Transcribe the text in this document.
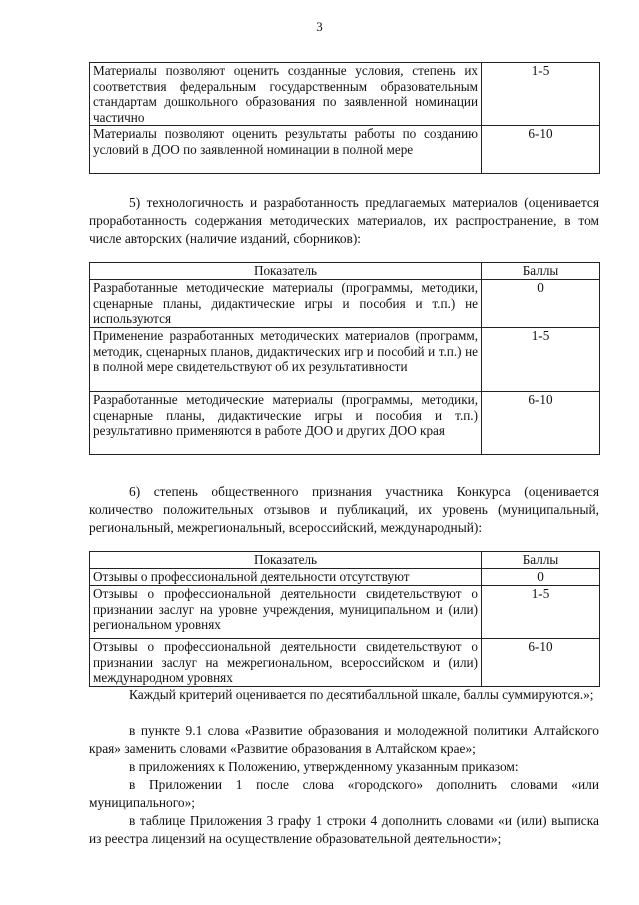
3
Материалы позволяют оценить созданные условия, степень их соответствия федеральным государственным образовательным стандартам дошкольного образования по заявленной номинации частично	1-5
Материалы позволяют оценить результаты работы по созданию условий в ДОО по заявленной номинации в полной мере	6-10

5) технологичность и разработанность предлагаемых материалов (оценивается проработанность содержания методических материалов, их распространение, в том числе авторских (наличие изданий, сборников):

Показатель	Баллы
Разработанные методические материалы (программы, методики, сценарные планы, дидактические игры и пособия и т.п.) не используются	0
Применение разработанных методических материалов (программ, методик, сценарных планов, дидактических игр и пособий и т.п.) не в полной мере свидетельствуют об их результативности	1-5
Разработанные методические материалы (программы, методики, сценарные планы, дидактические игры и пособия и т.п.) результативно применяются в работе ДОО и других ДОО края	6-10

6) степень общественного признания участника Конкурса (оценивается количество положительных отзывов и публикаций, их уровень (муниципальный, региональный, межрегиональный, всероссийский, международный):

Показатель	Баллы
Отзывы о профессиональной деятельности отсутствуют	0
Отзывы о профессиональной деятельности свидетельствуют о признании заслуг на уровне учреждения, муниципальном и (или) региональном уровнях	1-5
Отзывы о профессиональной деятельности свидетельствуют о признании заслуг на межрегиональном, всероссийском и (или) международном уровнях	6-10

Каждый критерий оценивается по десятибалльной шкале, баллы суммируются.»;

в пункте 9.1 слова «Развитие образования и молодежной политики Алтайского края» заменить словами «Развитие образования в Алтайском крае»;

в приложениях к Положению, утвержденному указанным приказом:

в Приложении 1 после слова «городского» дополнить словами «или муниципального»;

в таблице Приложения 3 графу 1 строки 4 дополнить словами «и (или) выписка из реестра лицензий на осуществление образовательной деятельности»;
